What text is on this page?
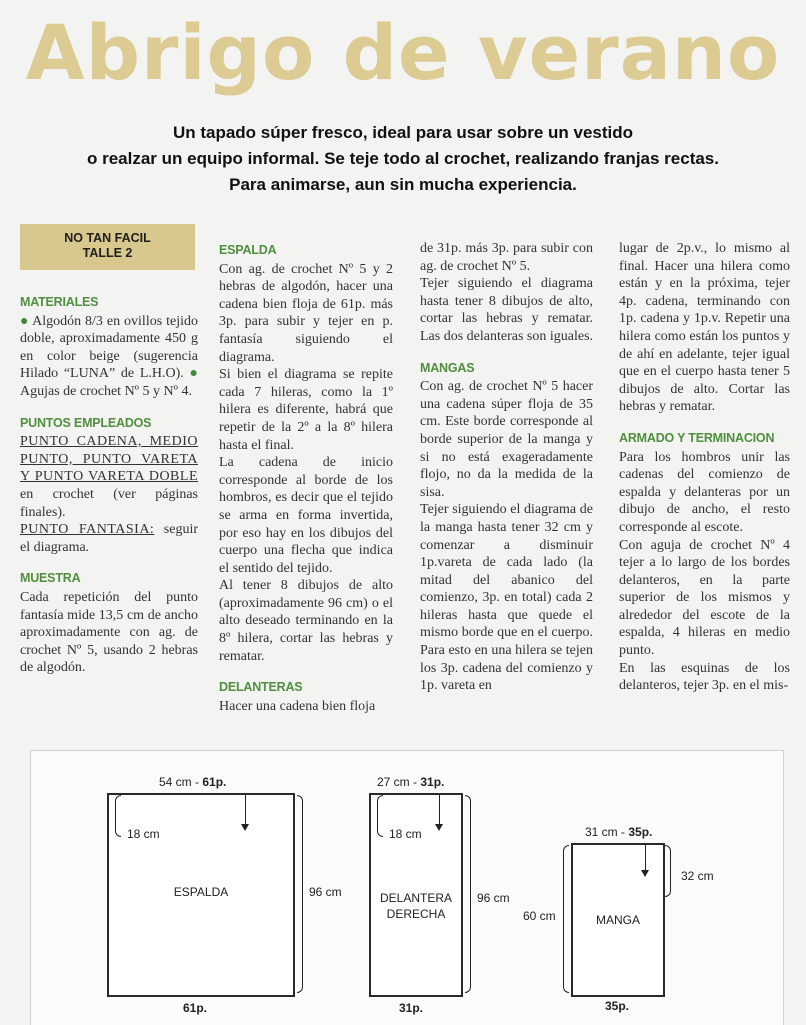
Abrigo de verano
Un tapado súper fresco, ideal para usar sobre un vestido
o realzar un equipo informal. Se teje todo al crochet, realizando franjas rectas.
Para animarse, aun sin mucha experiencia.
NO TAN FACIL
TALLE 2

MATERIALES

● Algodón 8/3 en ovillos tejido doble, aproximadamente 450 g en color beige (sugerencia Hilado “LUNA” de L.H.O). ● Agujas de crochet Nº 5 y Nº 4.

PUNTOS EMPLEADOS

PUNTO CADENA, MEDIO PUNTO, PUNTO VARETA Y PUNTO VARETA DOBLE en crochet (ver páginas finales).
PUNTO FANTASIA: seguir el diagrama.

MUESTRA

Cada repetición del punto fantasía mide 13,5 cm de ancho aproximadamente con ag. de crochet Nº 5, usando 2 hebras de algodón.

ESPALDA

Con ag. de crochet Nº 5 y 2 hebras de algodón, hacer una cadena bien floja de 61p. más 3p. para subir y tejer en p. fantasía siguiendo el diagrama.

Si bien el diagrama se repite cada 7 hileras, como la 1º hilera es diferente, habrá que repetir de la 2º a la 8º hilera hasta el final.

La cadena de inicio corresponde al borde de los hombros, es decir que el tejido se arma en forma invertida, por eso hay en los dibujos del cuerpo una flecha que indica el sentido del tejido.

Al tener 8 dibujos de alto (aproximadamente 96 cm) o el alto deseado terminando en la 8º hilera, cortar las hebras y rematar.

DELANTERAS

Hacer una cadena bien floja

de 31p. más 3p. para subir con ag. de crochet Nº 5.

Tejer siguiendo el diagrama hasta tener 8 dibujos de alto, cortar las hebras y rematar. Las dos delanteras son iguales.

MANGAS

Con ag. de crochet Nº 5 hacer una cadena súper floja de 35 cm. Este borde corresponde al borde superior de la manga y si no está exageradamente flojo, no da la medida de la sisa.

Tejer siguiendo el diagrama de la manga hasta tener 32 cm y comenzar a disminuir 1p.vareta de cada lado (la mitad del abanico del comienzo, 3p. en total) cada 2 hileras hasta que quede el mismo borde que en el cuerpo. Para esto en una hilera se tejen los 3p. cadena del comienzo y 1p. vareta en

lugar de 2p.v., lo mismo al final. Hacer una hilera como están y en la próxima, tejer 4p. cadena, terminando con 1p. cadena y 1p.v. Repetir una hilera como están los puntos y de ahí en adelante, tejer igual que en el cuerpo hasta tener 5 dibujos de alto. Cortar las hebras y rematar.

ARMADO Y TERMINACION

Para los hombros unir las cadenas del comienzo de espalda y delanteras por un dibujo de ancho, el resto corresponde al escote.

Con aguja de crochet Nº 4 tejer a lo largo de los bordes delanteros, en la parte superior de los mismos y alrededor del escote de la espalda, 4 hileras en medio punto.

En las esquinas de los delanteros, tejer 3p. en el mis-

54 cm - 61p.
18 cm
ESPALDA	96 cm
61p.
27 cm - 31p.
18 cm
DELANTERA
DERECHA
96 cm
31p.
31 cm - 35p.
32 cm
MANGA
60 cm
35p.
